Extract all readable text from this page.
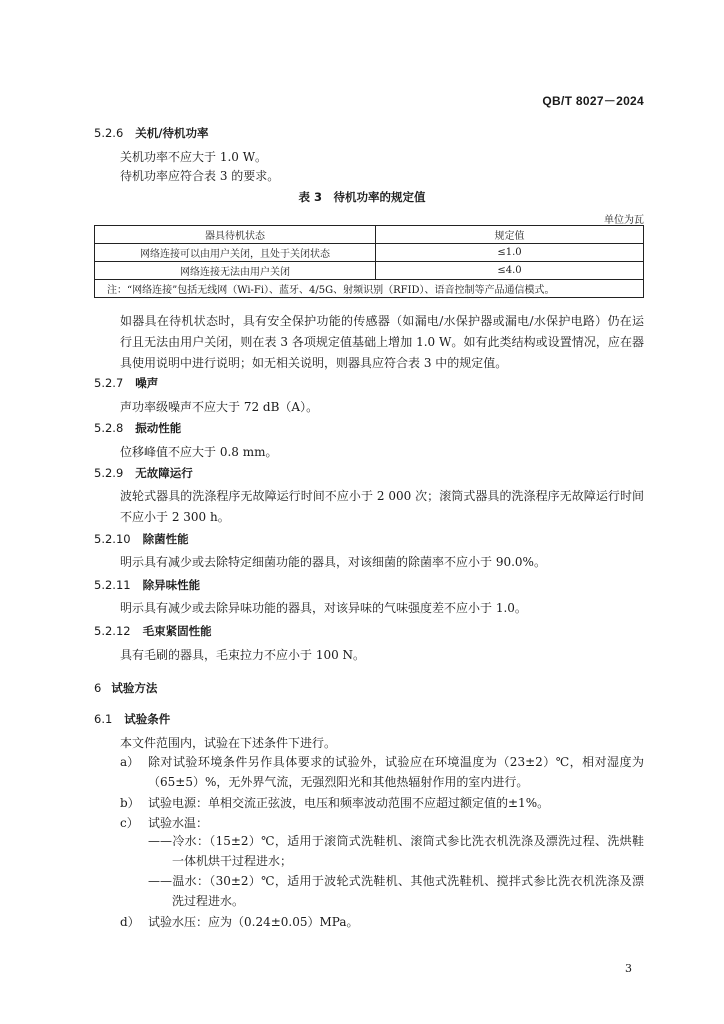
QB/T 8027－2024
5.2.6 关机/待机功率
关机功率不应大于 1.0 W。
待机功率应符合表 3 的要求。
表 3　待机功率的规定值
单位为瓦
器具待机状态	规定值
网络连接可以由用户关闭，且处于关闭状态	≤1.0
网络连接无法由用户关闭	≤4.0
注：“网络连接”包括无线网（Wi-Fi）、蓝牙、4/5G、射频识别（RFID）、语音控制等产品通信模式。	
如器具在待机状态时，具有安全保护功能的传感器（如漏电/水保护器或漏电/水保护电路）仍在运行且无法由用户关闭，则在表 3 各项规定值基础上增加 1.0 W。如有此类结构或设置情况，应在器具使用说明中进行说明；如无相关说明，则器具应符合表 3 中的规定值。
5.2.7 噪声
声功率级噪声不应大于 72 dB（A）。
5.2.8 振动性能
位移峰值不应大于 0.8 mm。
5.2.9 无故障运行
波轮式器具的洗涤程序无故障运行时间不应小于 2 000 次；滚筒式器具的洗涤程序无故障运行时间不应小于 2 300 h。
5.2.10 除菌性能
明示具有减少或去除特定细菌功能的器具，对该细菌的除菌率不应小于 90.0%。
5.2.11 除异味性能
明示具有减少或去除异味功能的器具，对该异味的气味强度差不应小于 1.0。
5.2.12 毛束紧固性能
具有毛刷的器具，毛束拉力不应小于 100 N。
6 试验方法
6.1 试验条件
本文件范围内，试验在下述条件下进行。
a） 除对试验环境条件另作具体要求的试验外，试验应在环境温度为（23±2）℃，相对湿度为（65±5）%，无外界气流，无强烈阳光和其他热辐射作用的室内进行。
b） 试验电源：单相交流正弦波，电压和频率波动范围不应超过额定值的±1%。
c） 试验水温：
——冷水：（15±2）℃，适用于滚筒式洗鞋机、滚筒式参比洗衣机洗涤及漂洗过程、洗烘鞋一体机烘干过程进水；
——温水：（30±2）℃，适用于波轮式洗鞋机、其他式洗鞋机、搅拌式参比洗衣机洗涤及漂洗过程进水。
d） 试验水压：应为（0.24±0.05）MPa。
3
